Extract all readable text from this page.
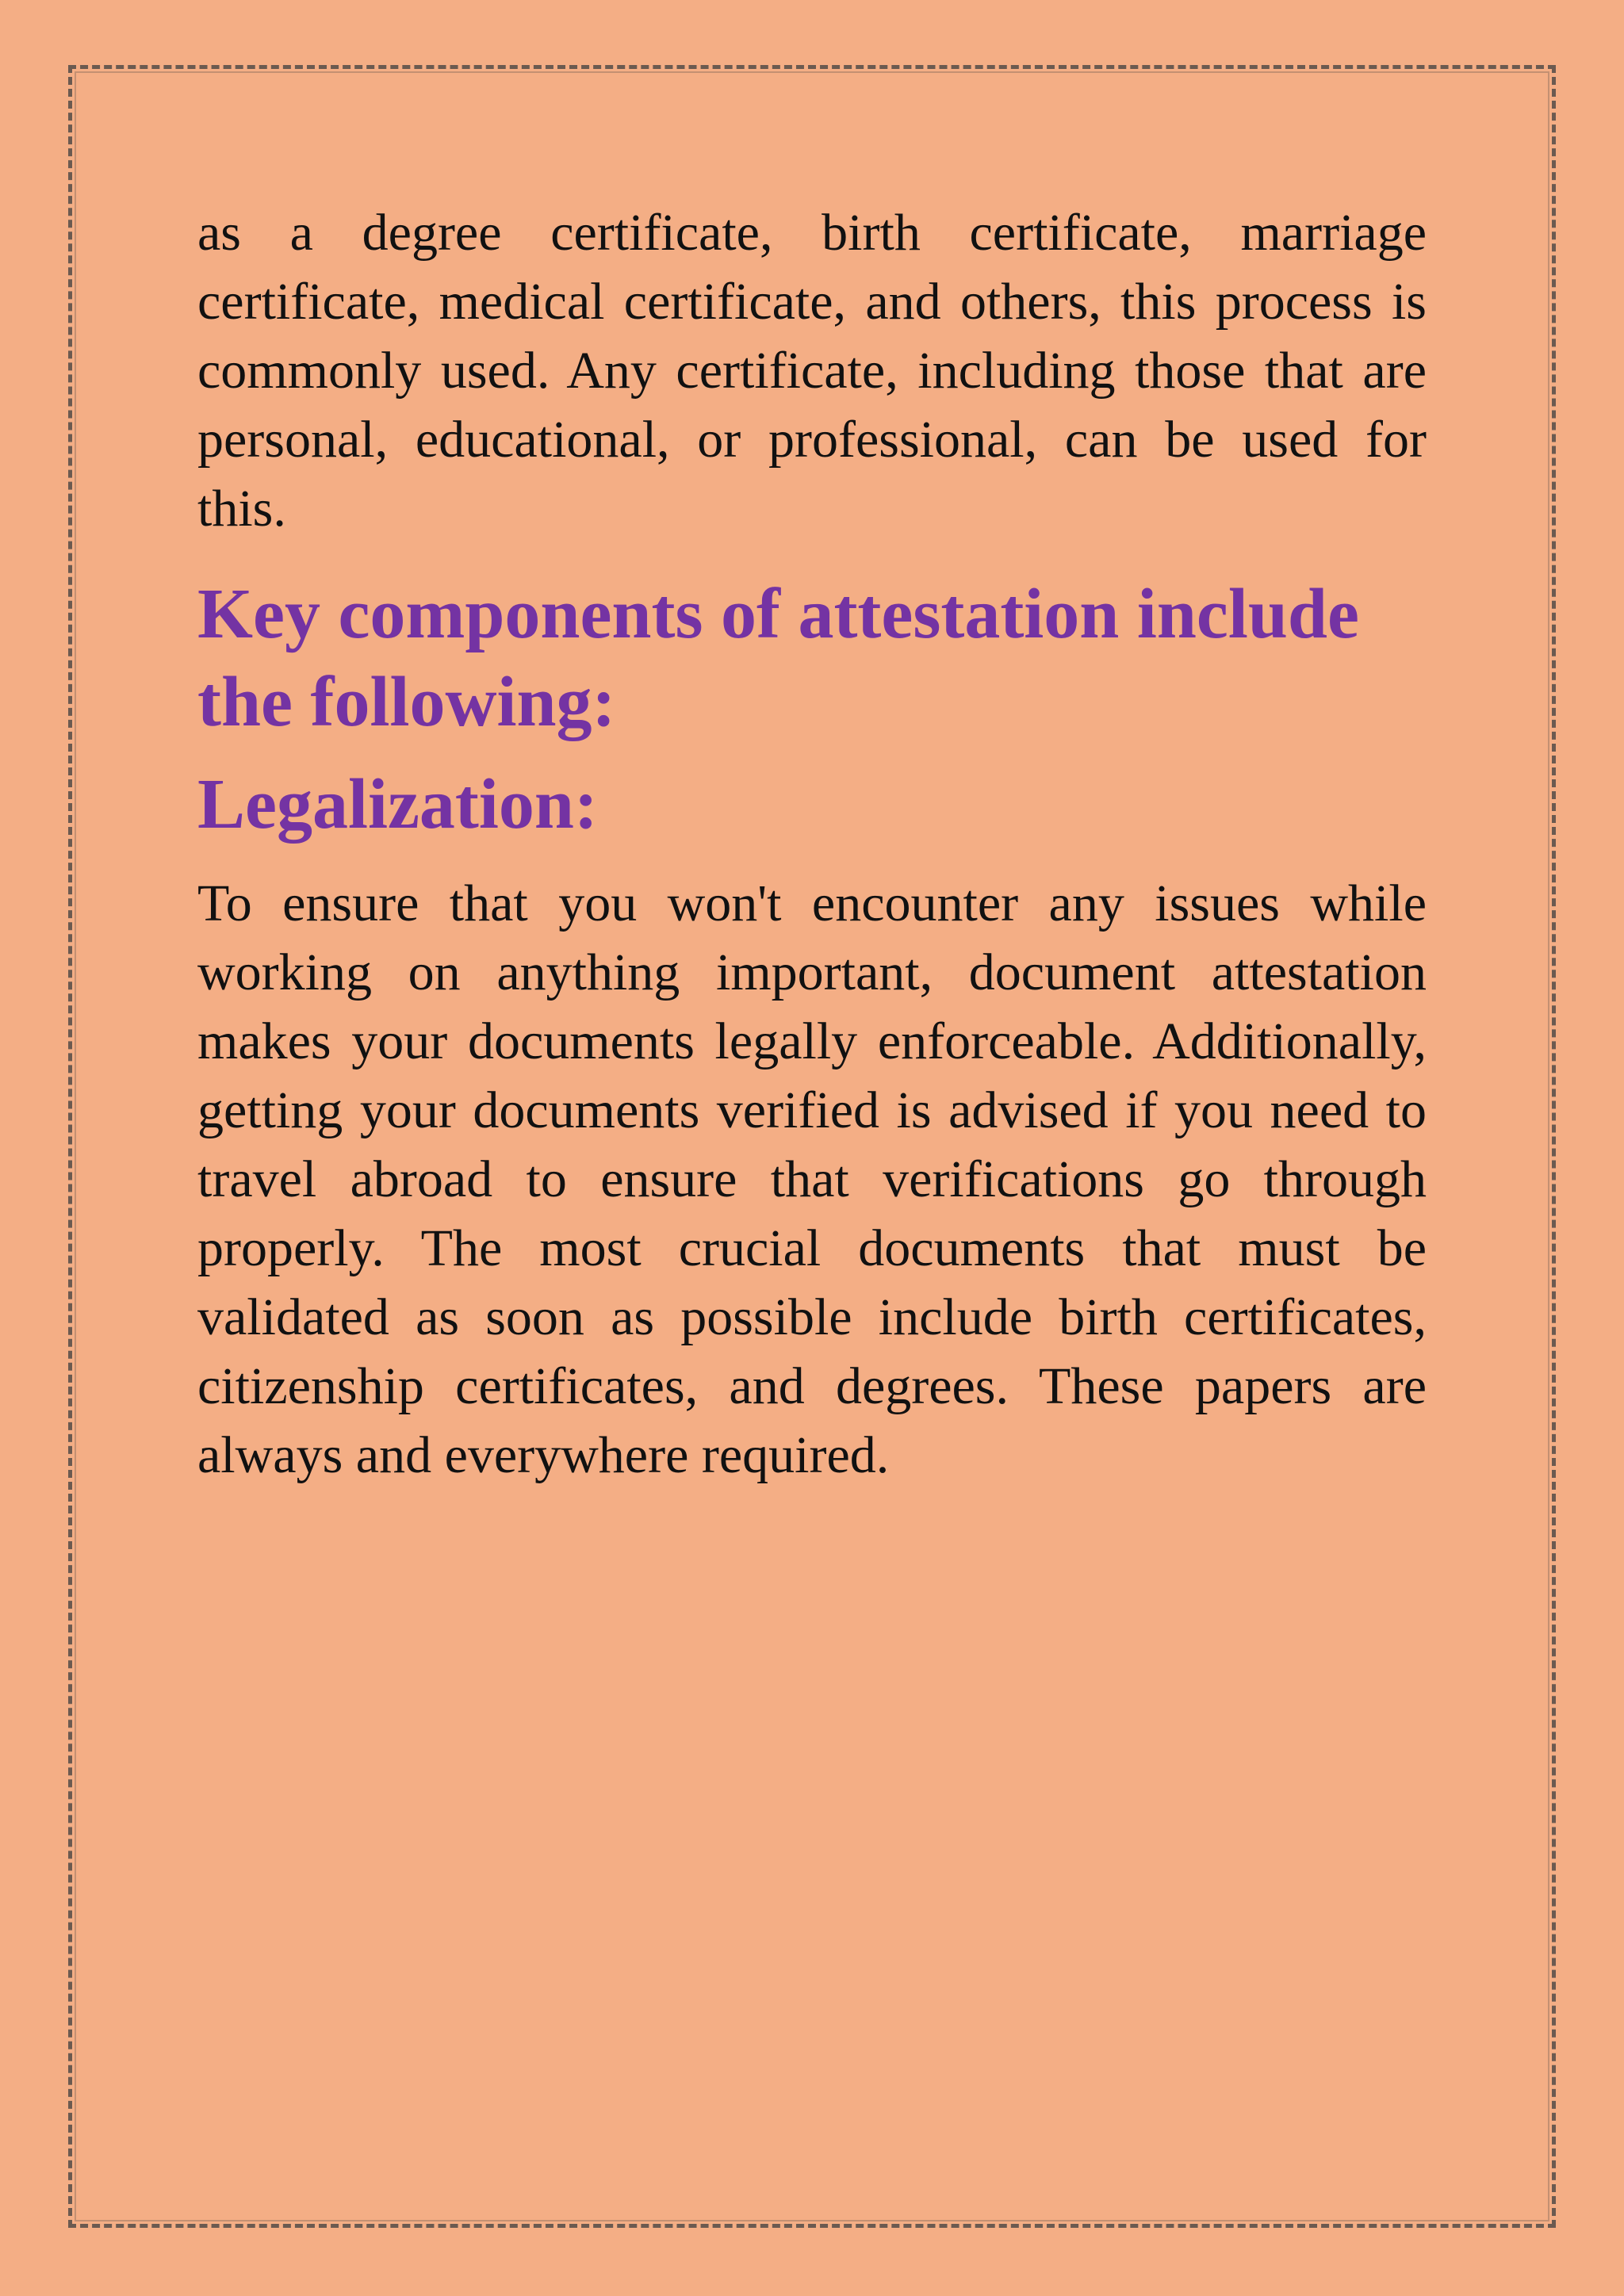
as a degree certificate, birth certificate, marriage certificate, medical certificate, and others, this process is commonly used. Any certificate, including those that are personal, educational, or professional, can be used for this.

Key components of attestation include the following:
Legalization:

To ensure that you won't encounter any issues while working on anything important, document attestation makes your documents legally enforceable. Additionally, getting your documents verified is advised if you need to travel abroad to ensure that verifications go through properly. The most crucial documents that must be validated as soon as possible include birth certificates, citizenship certificates, and degrees. These papers are always and everywhere required.
